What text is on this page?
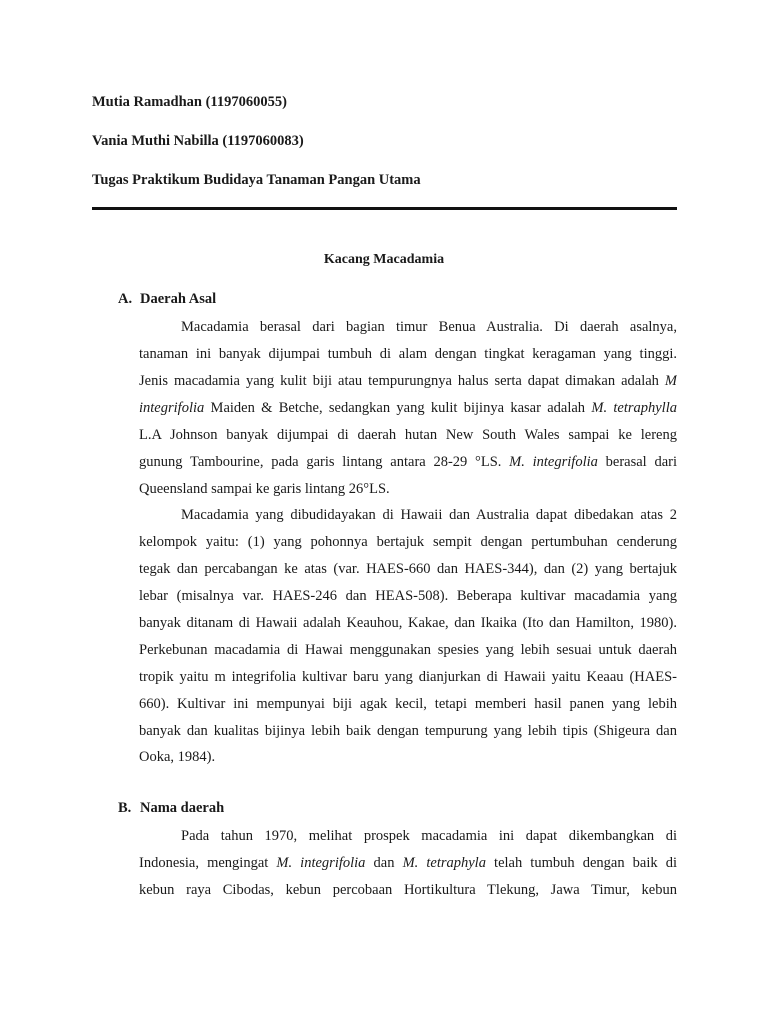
Mutia Ramadhan (1197060055)
Vania Muthi Nabilla (1197060083)
Tugas Praktikum Budidaya Tanaman Pangan Utama
Kacang Macadamia
A. Daerah Asal
Macadamia berasal dari bagian timur Benua Australia. Di daerah asalnya,
tanaman ini banyak dijumpai tumbuh di alam dengan tingkat keragaman yang tinggi.
Jenis macadamia yang kulit biji atau tempurungnya halus serta dapat dimakan adalah M
integrifolia Maiden & Betche, sedangkan yang kulit bijinya kasar adalah M. tetraphylla
L.A Johnson banyak dijumpai di daerah hutan New South Wales sampai ke lereng
gunung Tambourine, pada garis lintang antara 28-29 °LS. M. integrifolia berasal dari
Queensland sampai ke garis lintang 26°LS.
Macadamia yang dibudidayakan di Hawaii dan Australia dapat dibedakan atas 2
kelompok yaitu: (1) yang pohonnya bertajuk sempit dengan pertumbuhan cenderung
tegak dan percabangan ke atas (var. HAES-660 dan HAES-344), dan (2) yang bertajuk
lebar (misalnya var. HAES-246 dan HEAS-508). Beberapa kultivar macadamia yang
banyak ditanam di Hawaii adalah Keauhou, Kakae, dan Ikaika (Ito dan Hamilton, 1980).
Perkebunan macadamia di Hawai menggunakan spesies yang lebih sesuai untuk daerah
tropik yaitu m integrifolia kultivar baru yang dianjurkan di Hawaii yaitu Keaau (HAES-
660). Kultivar ini mempunyai biji agak kecil, tetapi memberi hasil panen yang lebih
banyak dan kualitas bijinya lebih baik dengan tempurung yang lebih tipis (Shigeura dan
Ooka, 1984).
B. Nama daerah
Pada tahun 1970, melihat prospek macadamia ini dapat dikembangkan di
Indonesia, mengingat M. integrifolia dan M. tetraphyla telah tumbuh dengan baik di
kebun raya Cibodas, kebun percobaan Hortikultura Tlekung, Jawa Timur, kebun
